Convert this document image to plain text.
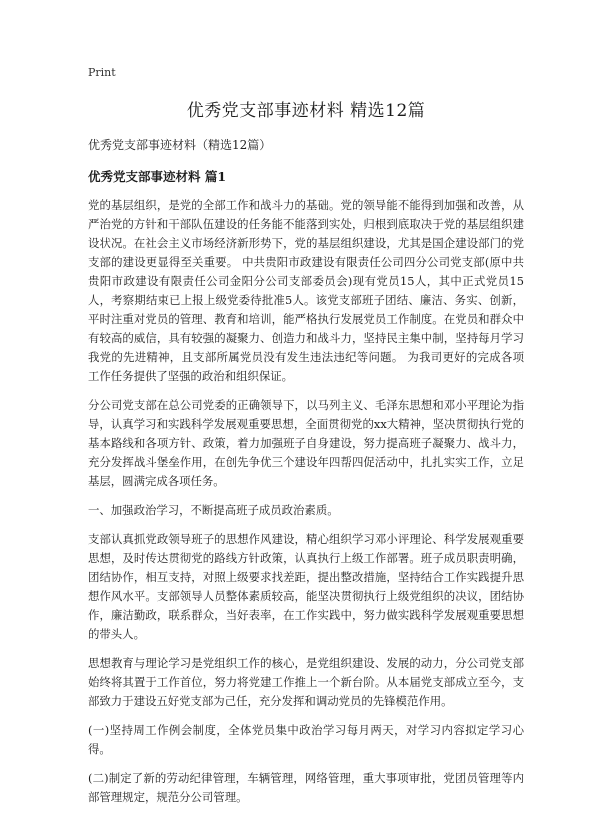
Print
优秀党支部事迹材料 精选12篇
优秀党支部事迹材料（精选12篇）
优秀党支部事迹材料 篇1

党的基层组织，是党的全部工作和战斗力的基础。党的领导能不能得到加强和改善，从严治党的方针和干部队伍建设的任务能不能落到实处，归根到底取决于党的基层组织建设状况。在社会主义市场经济新形势下，党的基层组织建设，尤其是国企建设部门的党支部的建设更显得至关重要。 中共贵阳市政建设有限责任公司四分公司党支部(原中共贵阳市政建设有限责任公司金阳分公司支部委员会)现有党员15人，其中正式党员15人，考察期结束已上报上级党委待批准5人。该党支部班子团结、廉洁、务实、创新，平时注重对党员的管理、教育和培训，能严格执行发展党员工作制度。在党员和群众中有较高的威信，具有较强的凝聚力、创造力和战斗力，坚持民主集中制，坚持每月学习我党的先进精神，且支部所属党员没有发生违法违纪等问题。 为我司更好的完成各项工作任务提供了坚强的政治和组织保证。

分公司党支部在总公司党委的正确领导下，以马列主义、毛泽东思想和邓小平理论为指导，认真学习和实践科学发展观重要思想，全面贯彻党的xx大精神，坚决贯彻执行党的基本路线和各项方针、政策，着力加强班子自身建设，努力提高班子凝聚力、战斗力，充分发挥战斗堡垒作用，在创先争优三个建设年四帮四促活动中，扎扎实实工作，立足基层，圆满完成各项任务。

一、加强政治学习，不断提高班子成员政治素质。

支部认真抓党政领导班子的思想作风建设，精心组织学习邓小评理论、科学发展观重要思想，及时传达贯彻党的路线方针政策，认真执行上级工作部署。班子成员职责明确，团结协作，相互支持，对照上级要求找差距，提出整改措施，坚持结合工作实践提升思想作风水平。支部领导人员整体素质较高，能坚决贯彻执行上级党组织的决议，团结协作，廉洁勤政，联系群众，当好表率，在工作实践中，努力做实践科学发展观重要思想的带头人。

思想教育与理论学习是党组织工作的核心，是党组织建设、发展的动力，分公司党支部始终将其置于工作首位，努力将党建工作推上一个新台阶。从本届党支部成立至今，支部致力于建设五好党支部为己任，充分发挥和调动党员的先锋模范作用。

(一)坚持周工作例会制度，全体党员集中政治学习每月两天，对学习内容拟定学习心得。

(二)制定了新的劳动纪律管理，车辆管理，网络管理，重大事项审批，党团员管理等内部管理规定，规范分公司管理。
